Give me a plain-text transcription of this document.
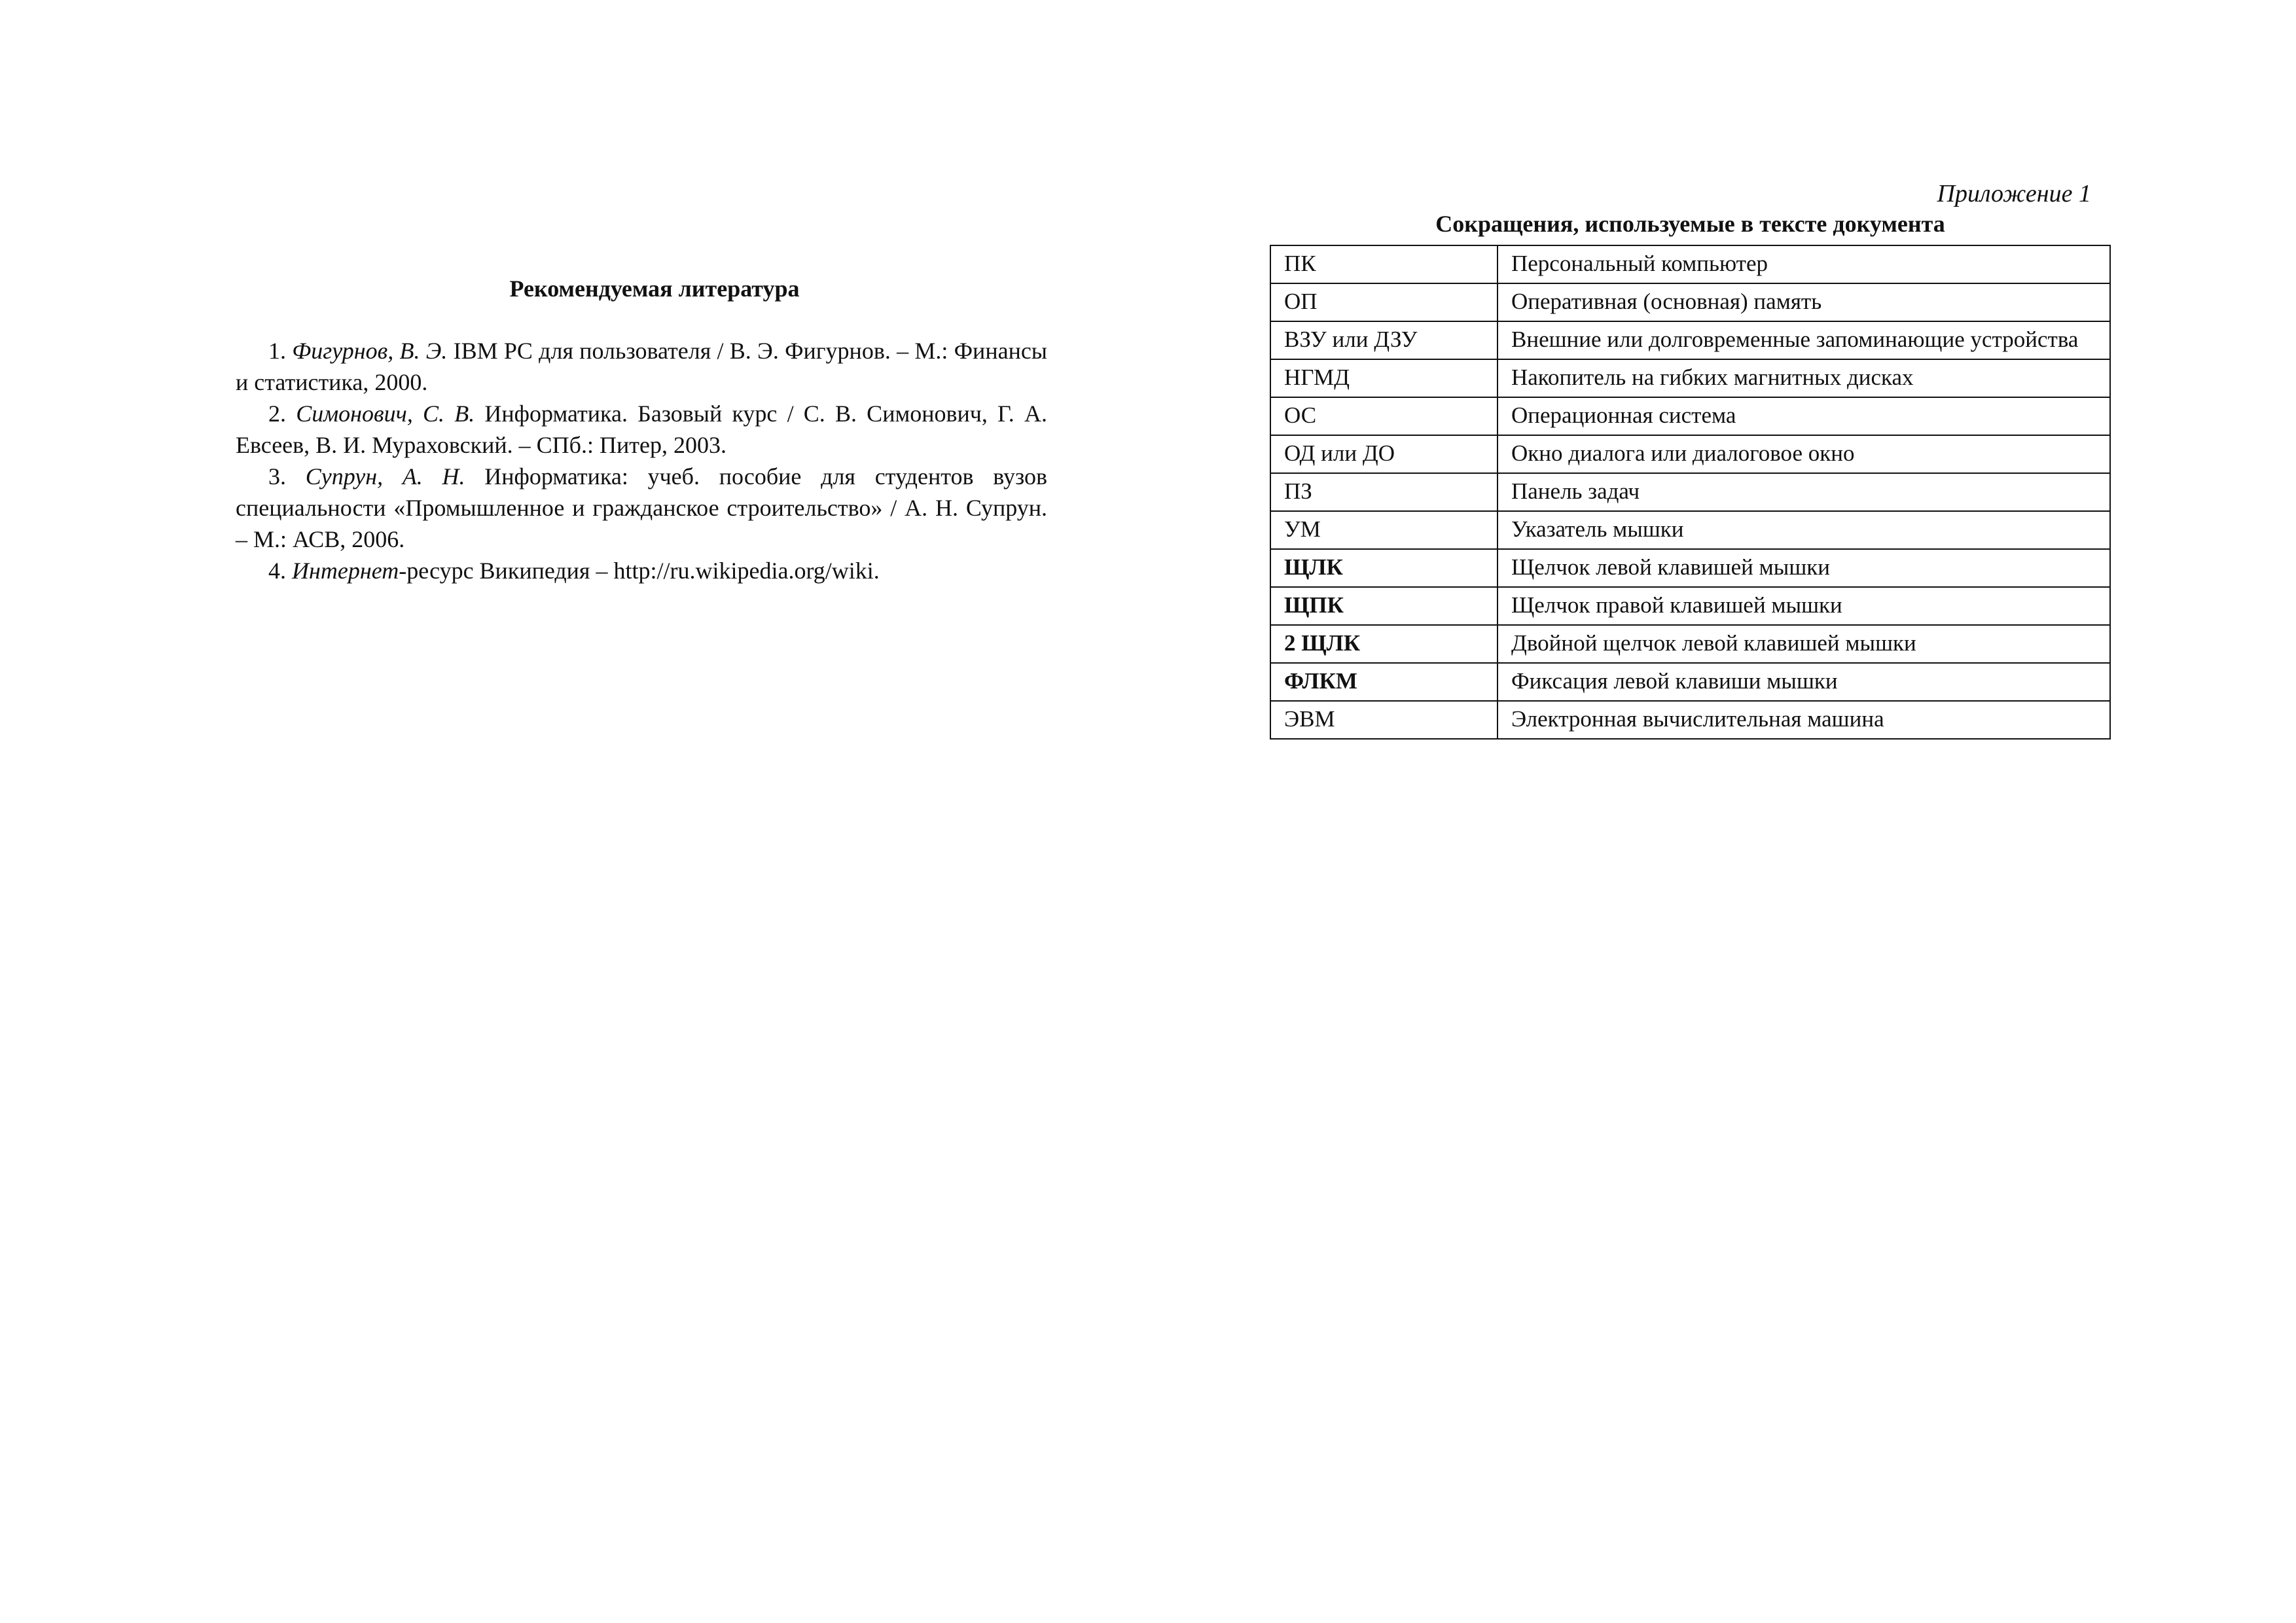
Рекомендуемая литература

1. Фигурнов, В. Э. IBM PC для пользователя / В. Э. Фигурнов. – М.: Финансы и статистика, 2000.

2. Симонович, С. В. Информатика. Базовый курс / С. В. Симонович, Г. А. Евсеев, В. И. Мураховский. – СПб.: Питер, 2003.

3. Супрун, А. Н. Информатика: учеб. пособие для студентов вузов специальности «Промышленное и гражданское строительство» / А. Н. Супрун. – М.: АСВ, 2006.

4. Интернет-ресурс Википедия – http://ru.wikipedia.org/wiki.

Приложение 1

Сокращения, используемые в тексте документа

ПК	Персональный компьютер
ОП	Оперативная (основная) память
ВЗУ или ДЗУ	Внешние или долговременные запоминающие устройства
НГМД	Накопитель на гибких магнитных дисках
ОС	Операционная система
ОД или ДО	Окно диалога или диалоговое окно
ПЗ	Панель задач
УМ	Указатель мышки
ЩЛК	Щелчок левой клавишей мышки
ЩПК	Щелчок правой клавишей мышки
2 ЩЛК	Двойной щелчок левой клавишей мышки
ФЛКМ	Фиксация левой клавиши мышки
ЭВМ	Электронная вычислительная машина
